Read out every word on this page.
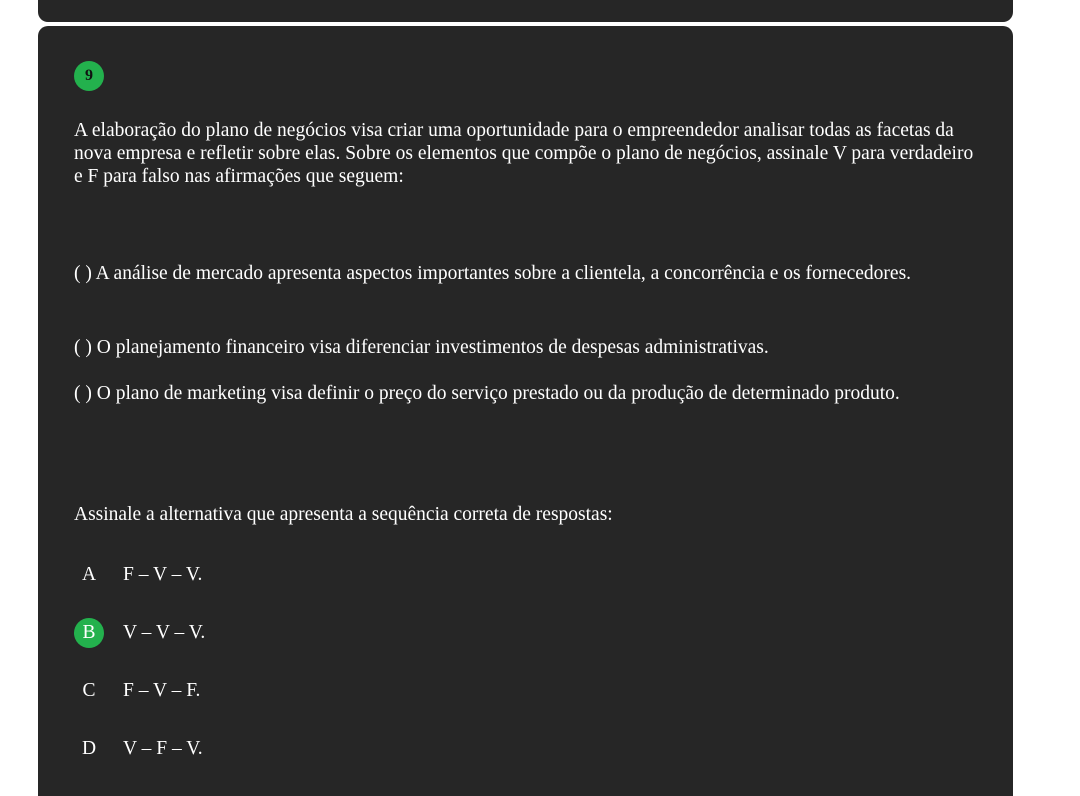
9
A elaboração do plano de negócios visa criar uma oportunidade para o empreendedor analisar todas as facetas da nova empresa e refletir sobre elas. Sobre os elementos que compõe o plano de negócios, assinale V para verdadeiro e F para falso nas afirmações que seguem:
( ) A análise de mercado apresenta aspectos importantes sobre a clientela, a concorrência e os fornecedores.
( ) O planejamento financeiro visa diferenciar investimentos de despesas administrativas.
( ) O plano de marketing visa definir o preço do serviço prestado ou da produção de determinado produto.
Assinale a alternativa que apresenta a sequência correta de respostas:
A	F – V – V.
B	V – V – V.
C	F – V – F.
D	V – F – V.
